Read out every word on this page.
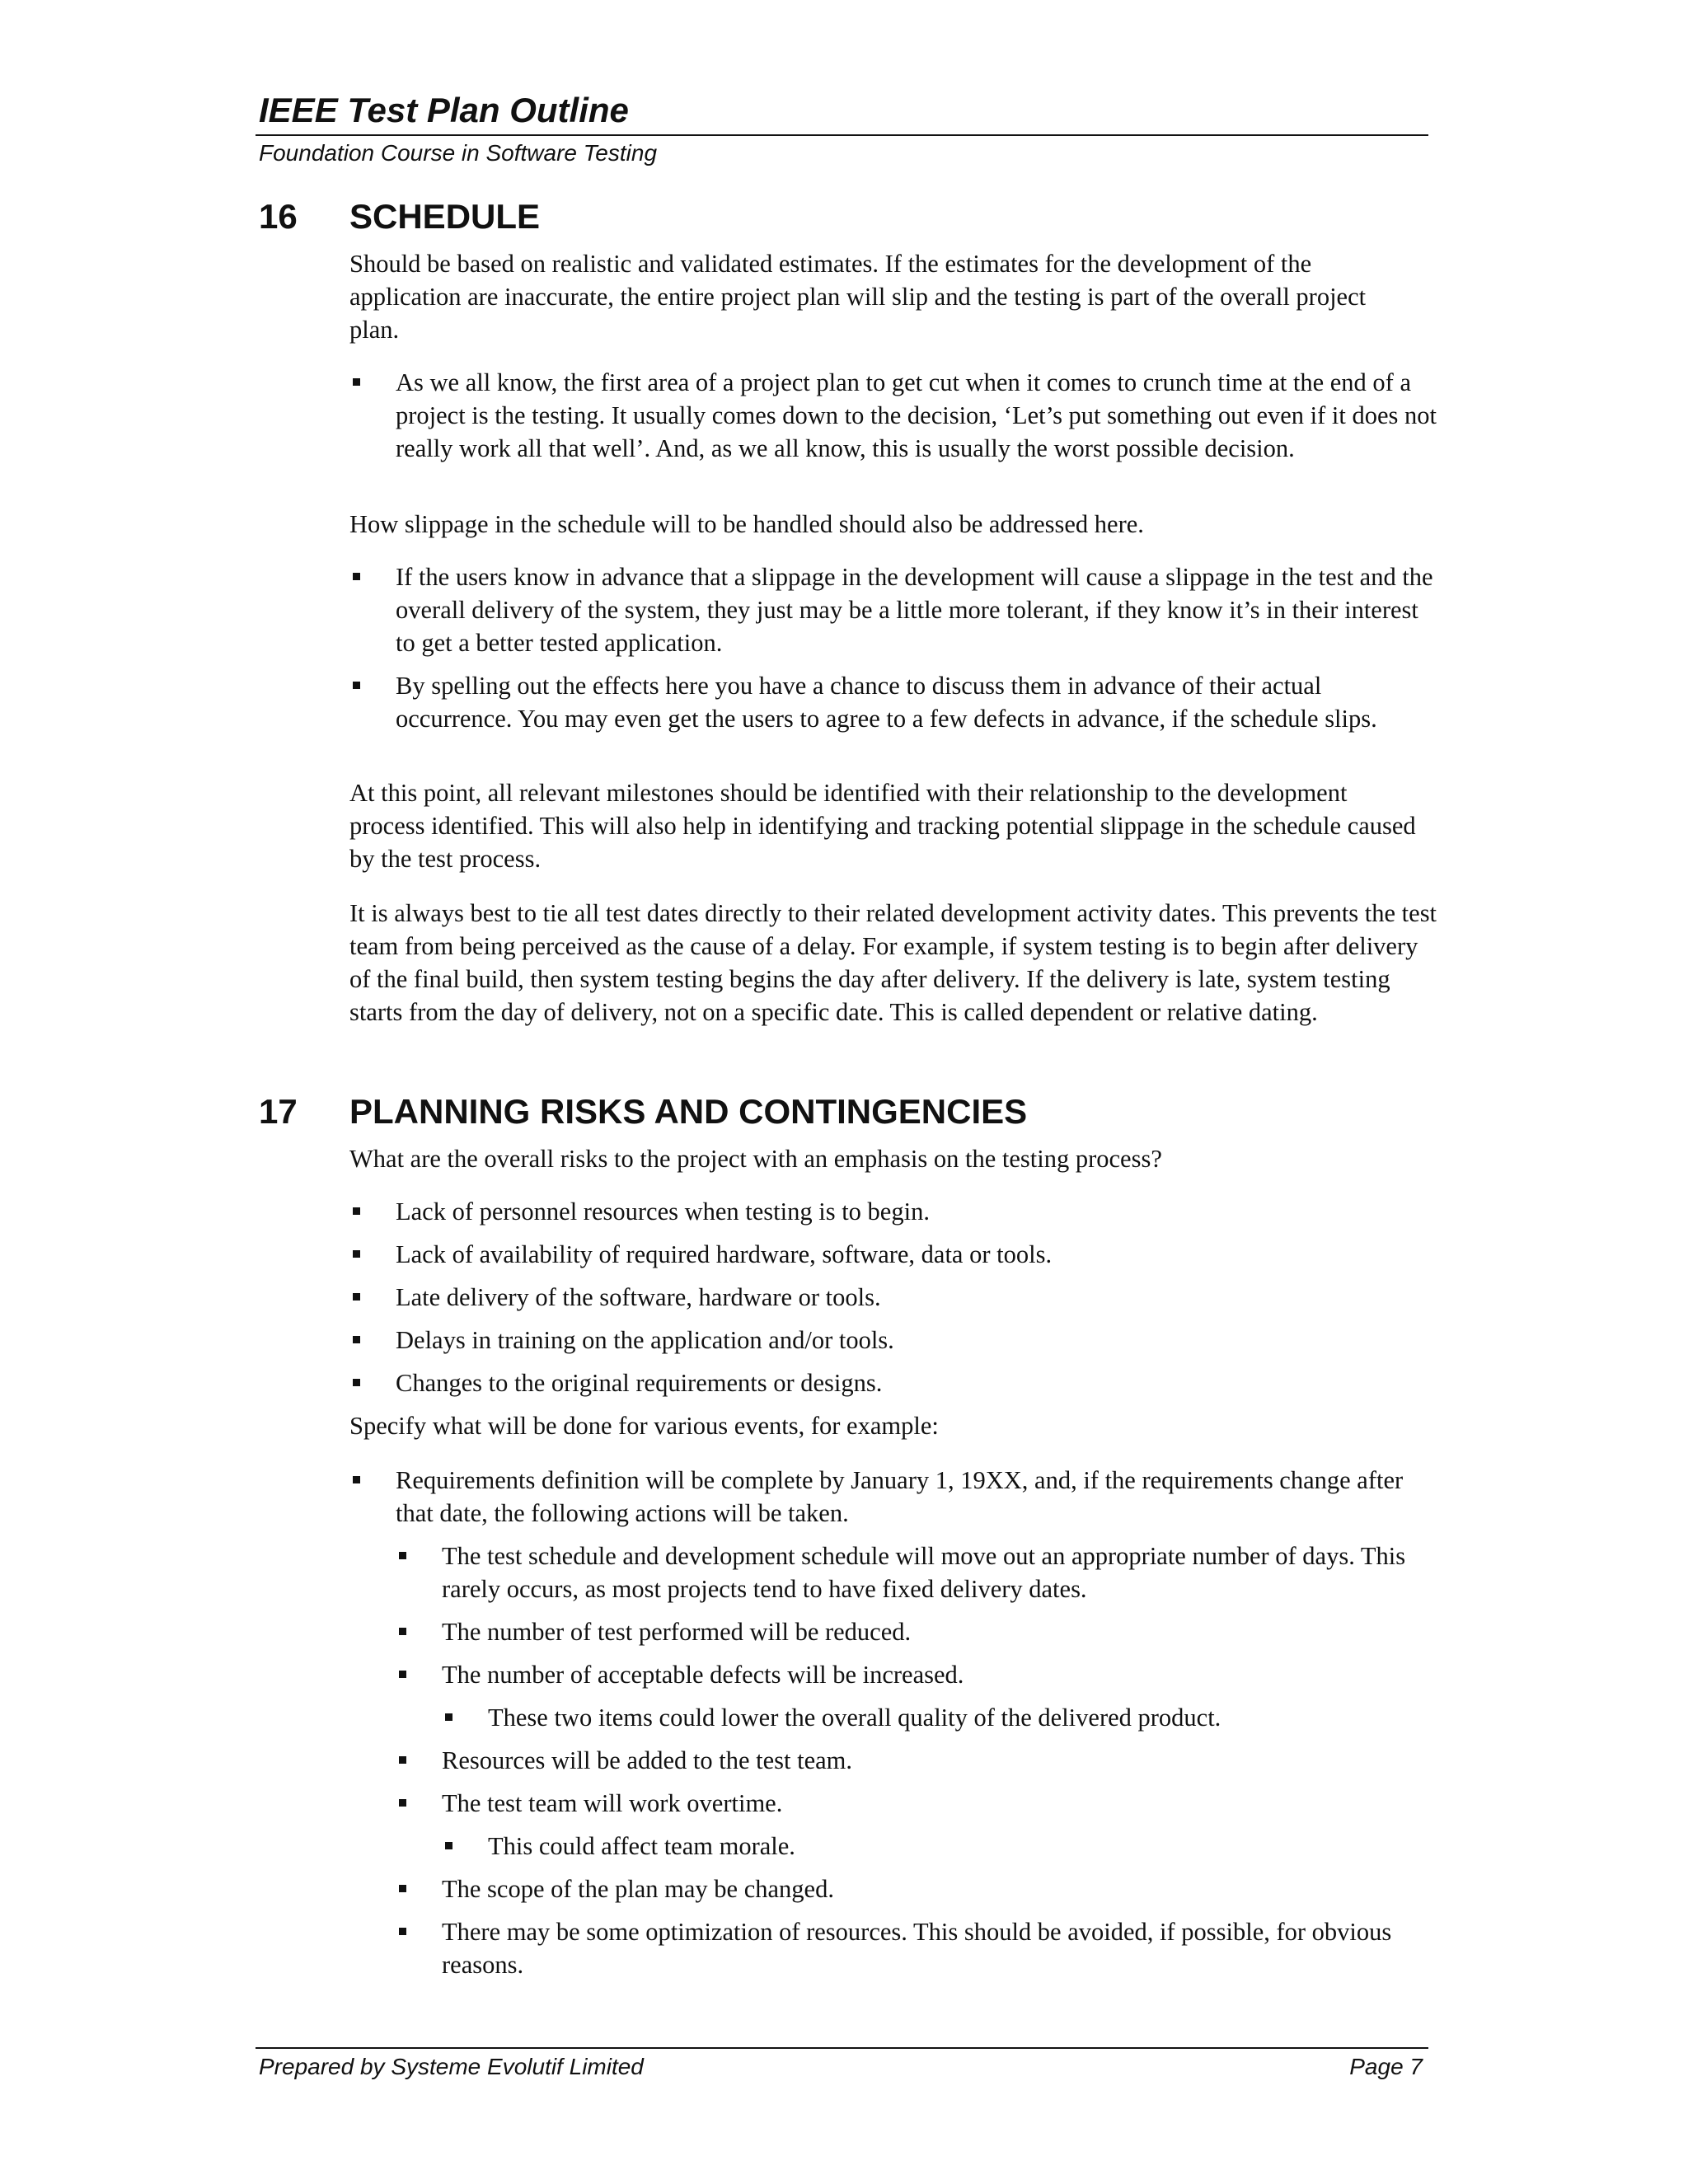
IEEE Test Plan Outline
Foundation Course in Software Testing
16 SCHEDULE

Should be based on realistic and validated estimates. If the estimates for the development of the application are inaccurate, the entire project plan will slip and the testing is part of the overall project plan.

As we all know, the first area of a project plan to get cut when it comes to crunch time at the end of a project is the testing. It usually comes down to the decision, ‘Let’s put something out even if it does not really work all that well’. And, as we all know, this is usually the worst possible decision.

How slippage in the schedule will to be handled should also be addressed here.

If the users know in advance that a slippage in the development will cause a slippage in the test and the overall delivery of the system, they just may be a little more tolerant, if they know it’s in their interest to get a better tested application.
By spelling out the effects here you have a chance to discuss them in advance of their actual occurrence. You may even get the users to agree to a few defects in advance, if the schedule slips.

At this point, all relevant milestones should be identified with their relationship to the development process identified. This will also help in identifying and tracking potential slippage in the schedule caused by the test process.

It is always best to tie all test dates directly to their related development activity dates. This prevents the test team from being perceived as the cause of a delay. For example, if system testing is to begin after delivery of the final build, then system testing begins the day after delivery. If the delivery is late, system testing starts from the day of delivery, not on a specific date. This is called dependent or relative dating.

17 PLANNING RISKS AND CONTINGENCIES

What are the overall risks to the project with an emphasis on the testing process?

Lack of personnel resources when testing is to begin.
Lack of availability of required hardware, software, data or tools.
Late delivery of the software, hardware or tools.
Delays in training on the application and/or tools.
Changes to the original requirements or designs.

Specify what will be done for various events, for example:

Requirements definition will be complete by January 1, 19XX, and, if the requirements change after that date, the following actions will be taken.
The test schedule and development schedule will move out an appropriate number of days. This rarely occurs, as most projects tend to have fixed delivery dates.
The number of test performed will be reduced.
The number of acceptable defects will be increased.
These two items could lower the overall quality of the delivered product.
Resources will be added to the test team.
The test team will work overtime.
This could affect team morale.
The scope of the plan may be changed.
There may be some optimization of resources. This should be avoided, if possible, for obvious reasons.
Prepared by Systeme Evolutif Limited	Page 7
